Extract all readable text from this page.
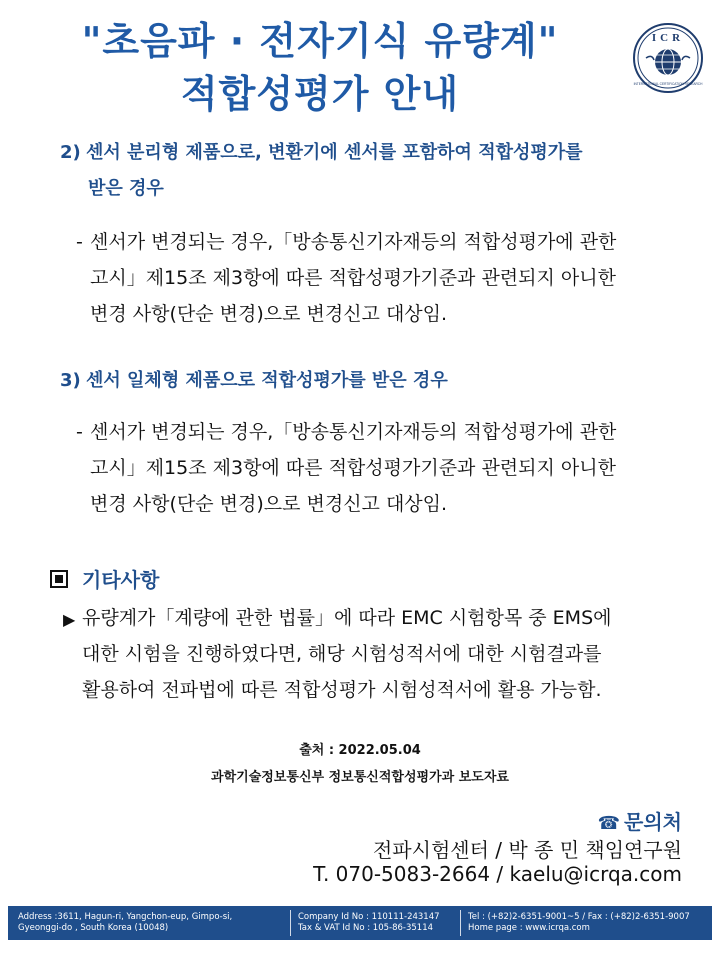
"초음파 · 전자기식 유량계"
적합성평가 안내
ICR
INTERNATIONAL CERTIFICATION RESEARCH
2) 센서 분리형 제품으로, 변환기에 센서를 포함하여 적합성평가를
받은 경우
- 센서가 변경되는 경우,「방송통신기자재등의 적합성평가에 관한
고시」제15조 제3항에 따른 적합성평가기준과 관련되지 아니한
변경 사항(단순 변경)으로 변경신고 대상임.
3) 센서 일체형 제품으로 적합성평가를 받은 경우
- 센서가 변경되는 경우,「방송통신기자재등의 적합성평가에 관한
고시」제15조 제3항에 따른 적합성평가기준과 관련되지 아니한
변경 사항(단순 변경)으로 변경신고 대상임.
기타사항
▶ 유량계가「계량에 관한 법률」에 따라 EMC 시험항목 중 EMS에
대한 시험을 진행하였다면, 해당 시험성적서에 대한 시험결과를
활용하여 전파법에 따른 적합성평가 시험성적서에 활용 가능함.
출처 : 2022.05.04
과학기술정보통신부 정보통신적합성평가과 보도자료
☎ 문의처
전파시험센터 / 박 종 민 책임연구원
T. 070-5083-2664 / kaelu@icrqa.com
Address :3611, Hagun-ri, Yangchon-eup, Gimpo-si,
Gyeonggi-do , South Korea (10048)
Company Id No : 110111-243147
Tax & VAT Id No : 105-86-35114
Tel : (+82)2-6351-9001~5 / Fax : (+82)2-6351-9007
Home page : www.icrqa.com
